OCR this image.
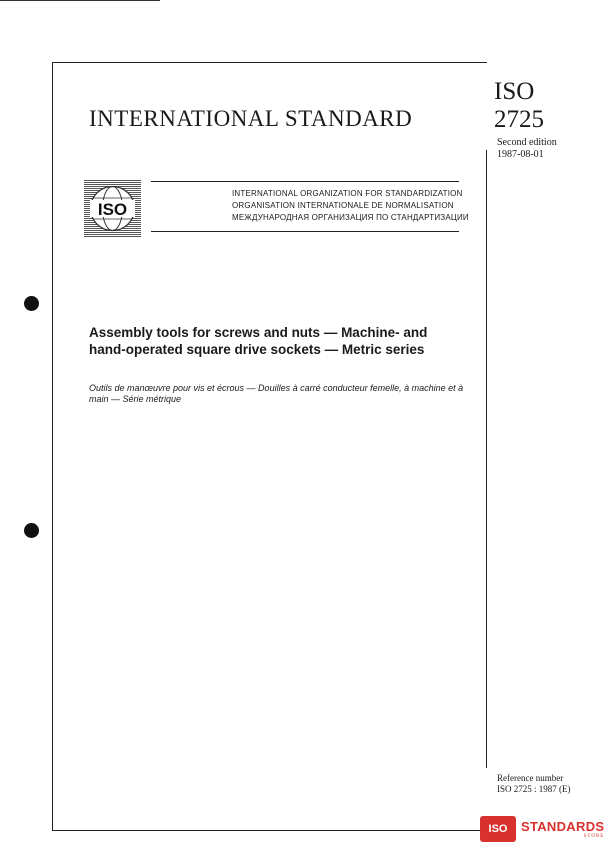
INTERNATIONAL STANDARD
ISO
2725
Second edition
1987-08-01
ISO
INTERNATIONAL ORGANIZATION FOR STANDARDIZATION
ORGANISATION INTERNATIONALE DE NORMALISATION
МЕЖДУНАРОДНАЯ ОРГАНИЗАЦИЯ ПО СТАНДАРТИЗАЦИИ
Assembly tools for screws and nuts — Machine- and
hand-operated square drive sockets — Metric series
Outils de manœuvre pour vis et écrous — Douilles à carré conducteur femelle, à machine et à main — Série métrique
Reference number
ISO 2725 : 1987 (E)
ISO	STANDARDS
STORE
